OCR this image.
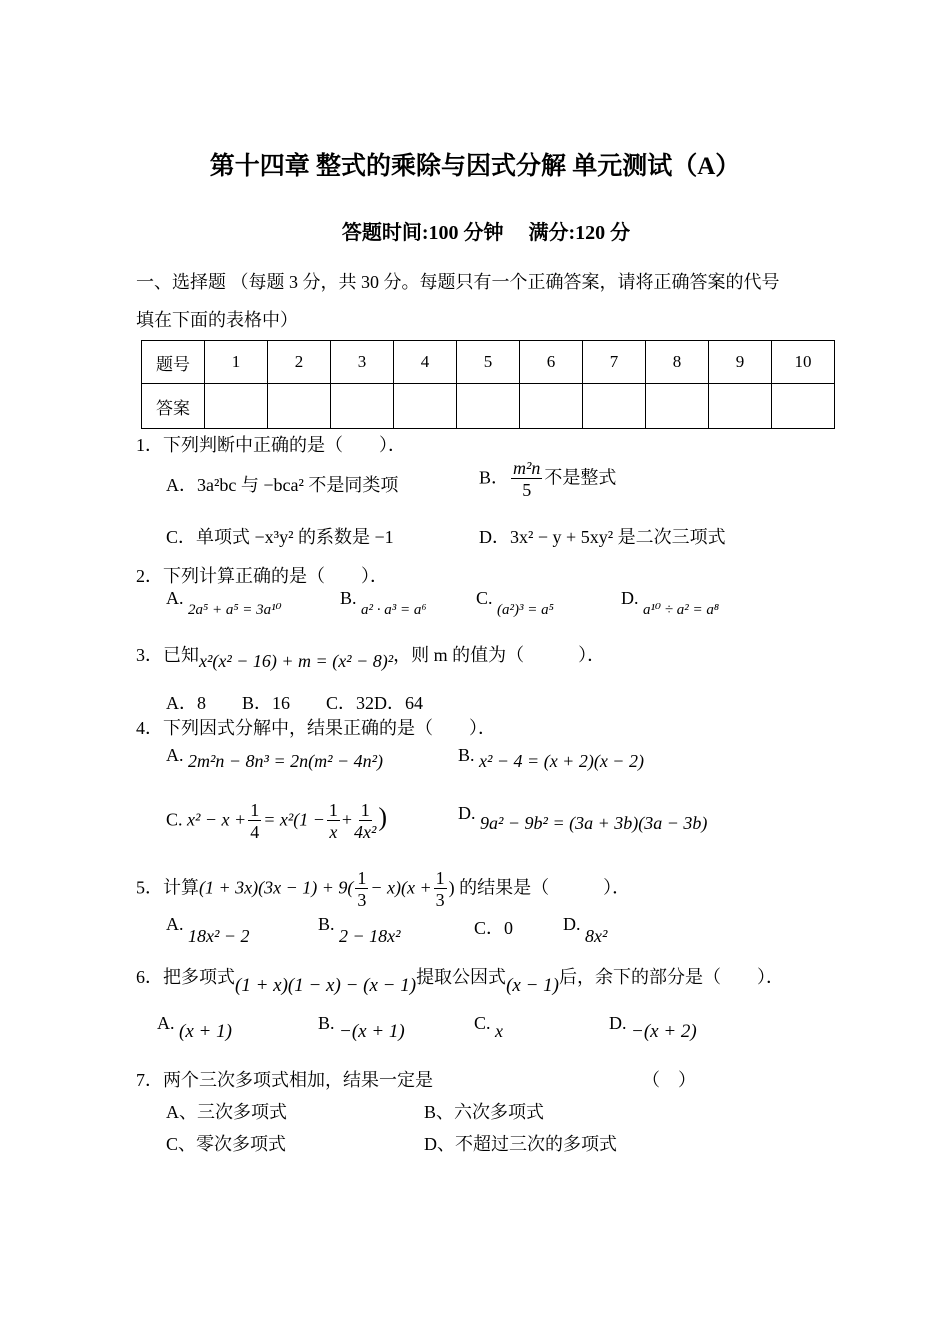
第十四章 整式的乘除与因式分解 单元测试（A）
答题时间:100 分钟　 满分:120 分
一、选择题 （每题 3 分，共 30 分。每题只有一个正确答案，请将正确答案的代号
填在下面的表格中）
题号	1	2	3	4	5	6	7	8	9	10
答案										
1．下列判断中正确的是（　　）．
A．3a²bc 与 −bca² 不是同类项	B． $\frac{\text{m²n}}{5}$ 不是整式
C．单项式 −x³y² 的系数是 −1	D．3x² − y + 5xy² 是二次三项式
2．下列计算正确的是（　　）．
A. $_{2a^5 + a^5 = 3a^{10}}$
B. $_{a^2 \cdot a^3 = a^6}$
C. $_{(a^2)^3 = a^5}$
D. $_{a^{10} \div a^2 = a^8}$
3．已知x²(x² − 16) + m = (x² − 8)²，则 m 的值为（　　　）．
A．8　　B．16　　C．32D．64
4．下列因式分解中，结果正确的是（　　）．
A. 2m²n − 8n³ = 2n(m² − 4n²)	B. x² − 4 = (x + 2)(x − 2)
C. $x^2 - x + \frac{1}{4} = x^2(1 - \frac{1}{x} + \frac{1}{\text{4x²}}$ )	D. 9a² − 9b² = (3a + 3b)(3a − 3b)
5．计算$(1 + 3x)(3x - 1) + 9( \frac{1}{3} - x)(x + \frac{1}{3}$ ) 的结果是（　　　）．
A. 18x² − 2
B. 2 − 18x²	C．0	D. 8x²
6．把多项式(1 + x)(1 − x) − (x − 1)提取公因式(x − 1)后，余下的部分是（　　）．
A. (x + 1)	B. −(x + 1)	C. x	D. −(x + 2)
7．两个三次多项式相加，结果一定是	（　）
A、三次多项式	B、六次多项式
C、零次多项式	D、不超过三次的多项式
